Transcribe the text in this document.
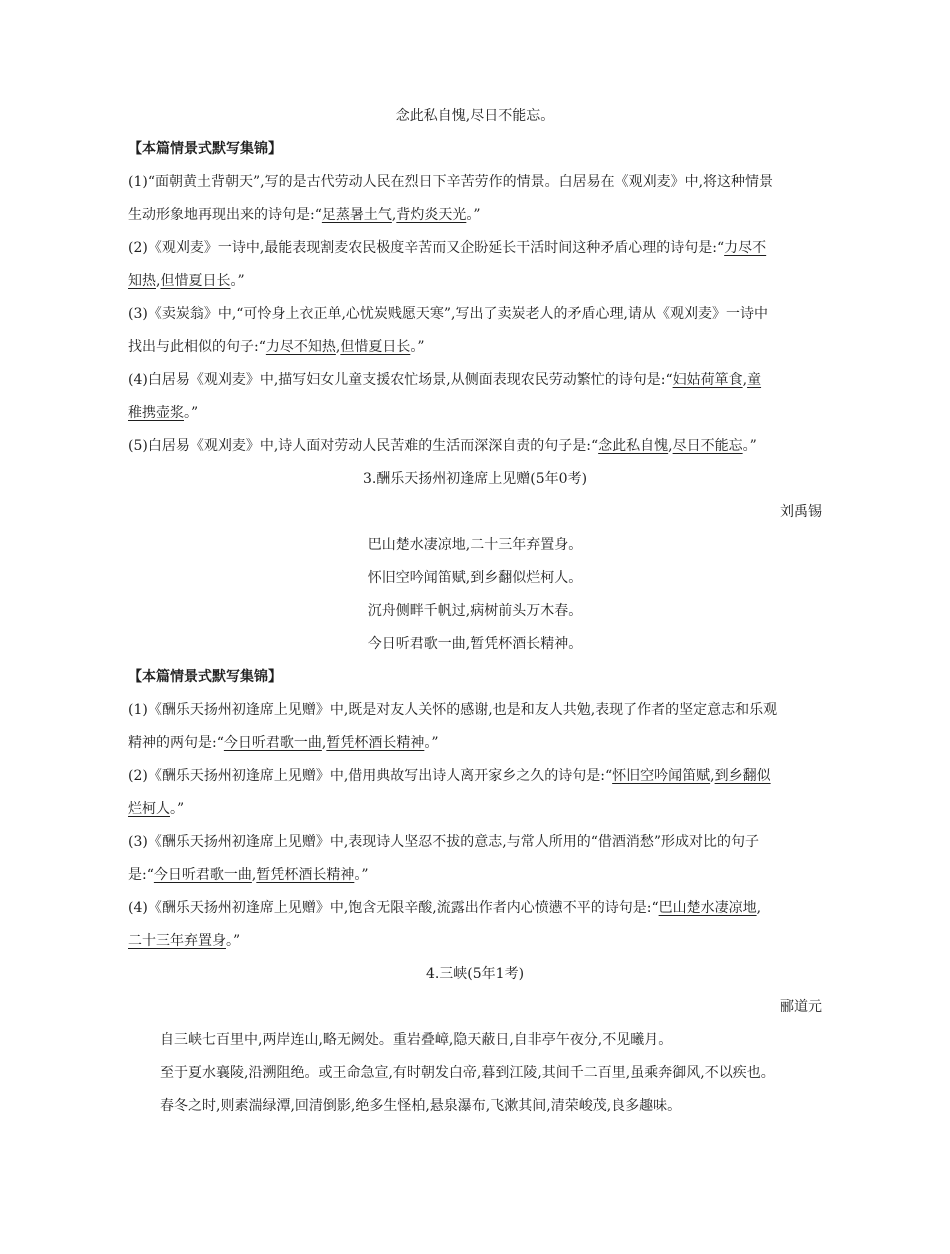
念此私自愧,尽日不能忘。
【本篇情景式默写集锦】
(1)“面朝黄土背朝天”,写的是古代劳动人民在烈日下辛苦劳作的情景。白居易在《观刈麦》中,将这种情景
生动形象地再现出来的诗句是:“足蒸暑土气,背灼炎天光。”
(2)《观刈麦》一诗中,最能表现割麦农民极度辛苦而又企盼延长干活时间这种矛盾心理的诗句是:“力尽不
知热,但惜夏日长。”
(3)《卖炭翁》中,“可怜身上衣正单,心忧炭贱愿天寒”,写出了卖炭老人的矛盾心理,请从《观刈麦》一诗中
找出与此相似的句子:“力尽不知热,但惜夏日长。”
(4)白居易《观刈麦》中,描写妇女儿童支援农忙场景,从侧面表现农民劳动繁忙的诗句是:“妇姑荷箪食,童
稚携壶浆。”
(5)白居易《观刈麦》中,诗人面对劳动人民苦难的生活而深深自责的句子是:“念此私自愧,尽日不能忘。”
3.酬乐天扬州初逢席上见赠(5年0考)
刘禹锡
巴山楚水凄凉地,二十三年弃置身。
怀旧空吟闻笛赋,到乡翻似烂柯人。
沉舟侧畔千帆过,病树前头万木春。
今日听君歌一曲,暂凭杯酒长精神。
【本篇情景式默写集锦】
(1)《酬乐天扬州初逢席上见赠》中,既是对友人关怀的感谢,也是和友人共勉,表现了作者的坚定意志和乐观
精神的两句是:“今日听君歌一曲,暂凭杯酒长精神。”
(2)《酬乐天扬州初逢席上见赠》中,借用典故写出诗人离开家乡之久的诗句是:“怀旧空吟闻笛赋,到乡翻似
烂柯人。”
(3)《酬乐天扬州初逢席上见赠》中,表现诗人坚忍不拔的意志,与常人所用的“借酒消愁”形成对比的句子
是:“今日听君歌一曲,暂凭杯酒长精神。”
(4)《酬乐天扬州初逢席上见赠》中,饱含无限辛酸,流露出作者内心愤懑不平的诗句是:“巴山楚水凄凉地,
二十三年弃置身。”
4.三峡(5年1考)
郦道元
自三峡七百里中,两岸连山,略无阙处。重岩叠嶂,隐天蔽日,自非亭午夜分,不见曦月。
至于夏水襄陵,沿溯阻绝。或王命急宣,有时朝发白帝,暮到江陵,其间千二百里,虽乘奔御风,不以疾也。
春冬之时,则素湍绿潭,回清倒影,绝多生怪柏,悬泉瀑布,飞漱其间,清荣峻茂,良多趣味。
